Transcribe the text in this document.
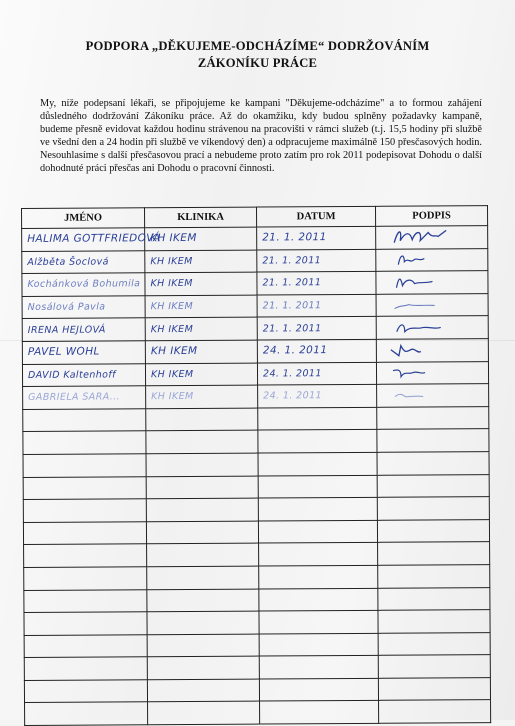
PODPORA „DĚKUJEME-ODCHÁZÍME“ DODRŽOVÁNÍM
ZÁKONÍKU PRÁCE

My, níže podepsaní lékaři, se připojujeme ke kampani "Děkujeme-odcházíme" a to formou zahájení důsledného dodržování Zákoníku práce. Až do okamžiku, kdy budou splněny požadavky kampaně, budeme přesně evidovat každou hodinu strávenou na pracovišti v rámci služeb (t.j. 15,5 hodiny při službě ve všední den a 24 hodin při službě ve víkendový den) a odpracujeme maximálně 150 přesčasových hodin. Nesouhlasíme s další přesčasovou prací a nebudeme proto zatím pro rok 2011 podepisovat Dohodu o další dohodnuté práci přesčas ani Dohodu o pracovní činnosti.

JMÉNO	KLINIKA	DATUM	PODPIS

HALIMA GOTTFRIEDOVÁ	KH IKEM	21. 1. 2011

Alžběta Šoclová	KH IKEM	21. 1. 2011

Kochánková Bohumila	KH IKEM	21. 1. 2011

Nosálová Pavla	KH IKEM	21. 1. 2011

IRENA HEJLOVÁ	KH IKEM	21. 1. 2011

PAVEL WOHL	KH IKEM	24. 1. 2011

DAVID Kaltenhoff	KH IKEM	24. 1. 2011

GABRIELA SARA...	KH IKEM	24. 1. 2011
